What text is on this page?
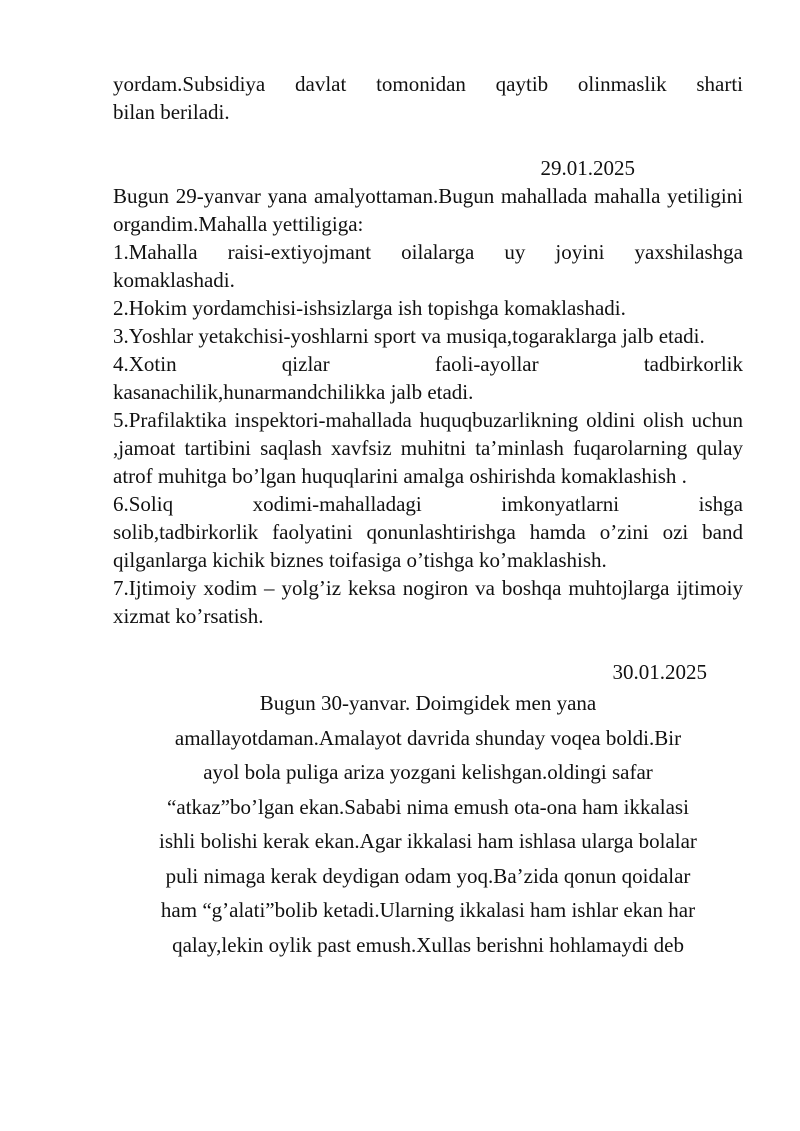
yordam.Subsidiya davlat tomonidan qaytib olinmaslik sharti

bilan beriladi.

29.01.2025

Bugun 29-yanvar yana amalyottaman.Bugun mahallada mahalla yetiligini organdim.Mahalla yettiligiga:

1.Mahalla raisi-extiyojmant oilalarga uy joyini yaxshilashga komaklashadi.

2.Hokim yordamchisi-ishsizlarga ish topishga komaklashadi.

3.Yoshlar yetakchisi-yoshlarni sport va musiqa,togaraklarga jalb etadi.

4.Xotin qizlar faoli-ayollar tadbirkorlik

kasanachilik,hunarmandchilikka jalb etadi.

5.Prafilaktika inspektori-mahallada huquqbuzarlikning oldini olish uchun ,jamoat tartibini saqlash xavfsiz muhitni ta’minlash fuqarolarning qulay atrof muhitga bo’lgan huquqlarini amalga oshirishda komaklashish .

6.Soliq xodimi-mahalladagi imkonyatlarni ishga

solib,tadbirkorlik faolyatini qonunlashtirishga hamda o’zini ozi band qilganlarga kichik biznes toifasiga o’tishga ko’maklashish.

7.Ijtimoiy xodim – yolg’iz keksa nogiron va boshqa muhtojlarga ijtimoiy xizmat ko’rsatish.

30.01.2025

Bugun 30-yanvar. Doimgidek men yana

amallayotdaman.Amalayot davrida shunday voqea boldi.Bir

ayol bola puliga ariza yozgani kelishgan.oldingi safar

“atkaz”bo’lgan ekan.Sababi nima emush ota-ona ham ikkalasi

ishli bolishi kerak ekan.Agar ikkalasi ham ishlasa ularga bolalar

puli nimaga kerak deydigan odam yoq.Ba’zida qonun qoidalar

ham “g’alati”bolib ketadi.Ularning ikkalasi ham ishlar ekan har

qalay,lekin oylik past emush.Xullas berishni hohlamaydi deb
